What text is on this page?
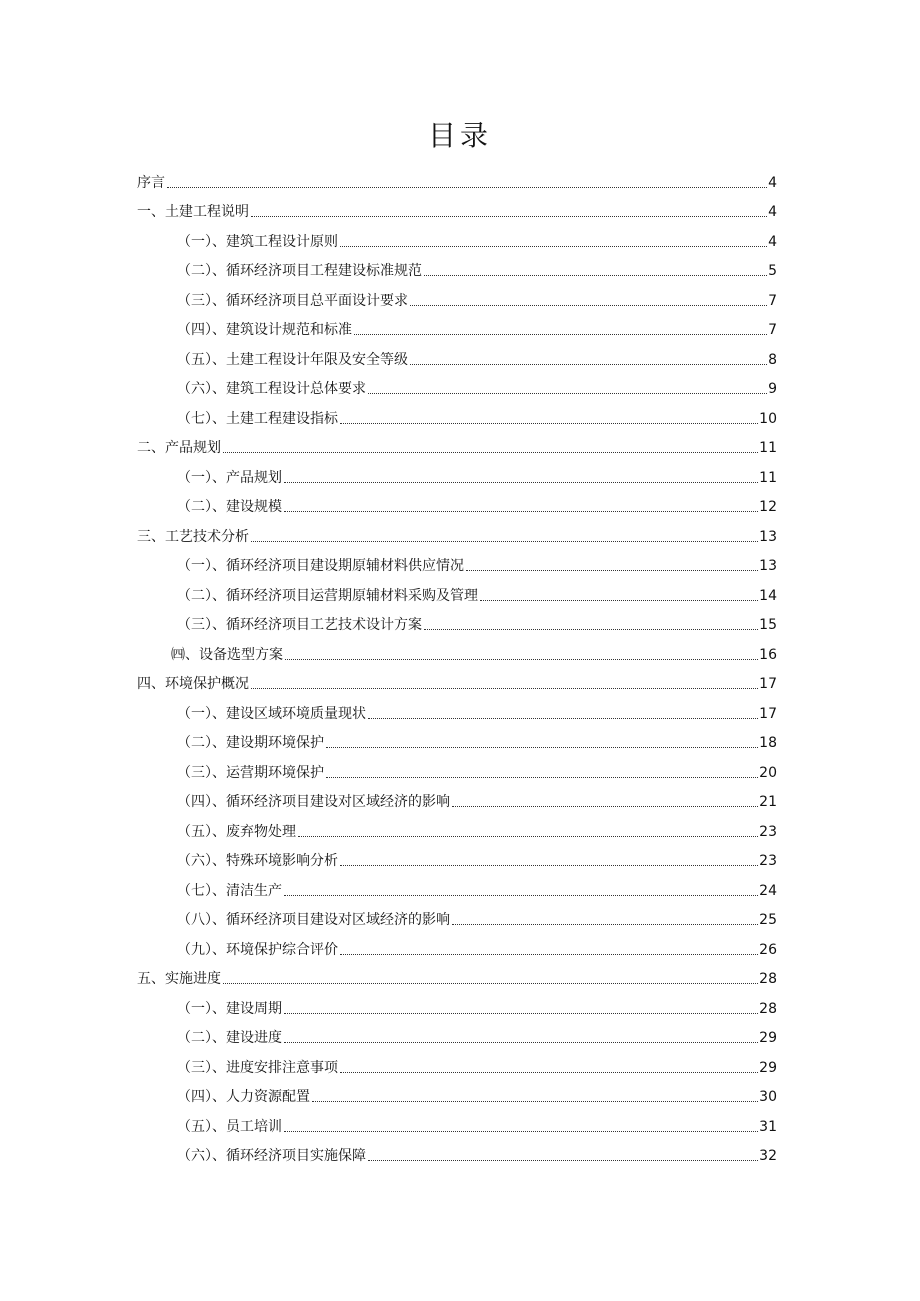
目录
序言	4
一、土建工程说明	4
（一）、建筑工程设计原则	4
（二）、循环经济项目工程建设标准规范	5
（三）、循环经济项目总平面设计要求	7
（四）、建筑设计规范和标准	7
（五）、土建工程设计年限及安全等级	8
（六）、建筑工程设计总体要求	9
（七）、土建工程建设指标	10
二、产品规划	11
（一）、产品规划	11
（二）、建设规模	12
三、工艺技术分析	13
（一）、循环经济项目建设期原辅材料供应情况	13
（二）、循环经济项目运营期原辅材料采购及管理	14
（三）、循环经济项目工艺技术设计方案	15
㈣、设备选型方案	16
四、环境保护概况	17
（一）、建设区域环境质量现状	17
（二）、建设期环境保护	18
（三）、运营期环境保护	20
（四）、循环经济项目建设对区域经济的影响	21
（五）、废弃物处理	23
（六）、特殊环境影响分析	23
（七）、清洁生产	24
（八）、循环经济项目建设对区域经济的影响	25
（九）、环境保护综合评价	26
五、实施进度	28
（一）、建设周期	28
（二）、建设进度	29
（三）、进度安排注意事项	29
（四）、人力资源配置	30
（五）、员工培训	31
（六）、循环经济项目实施保障	32
